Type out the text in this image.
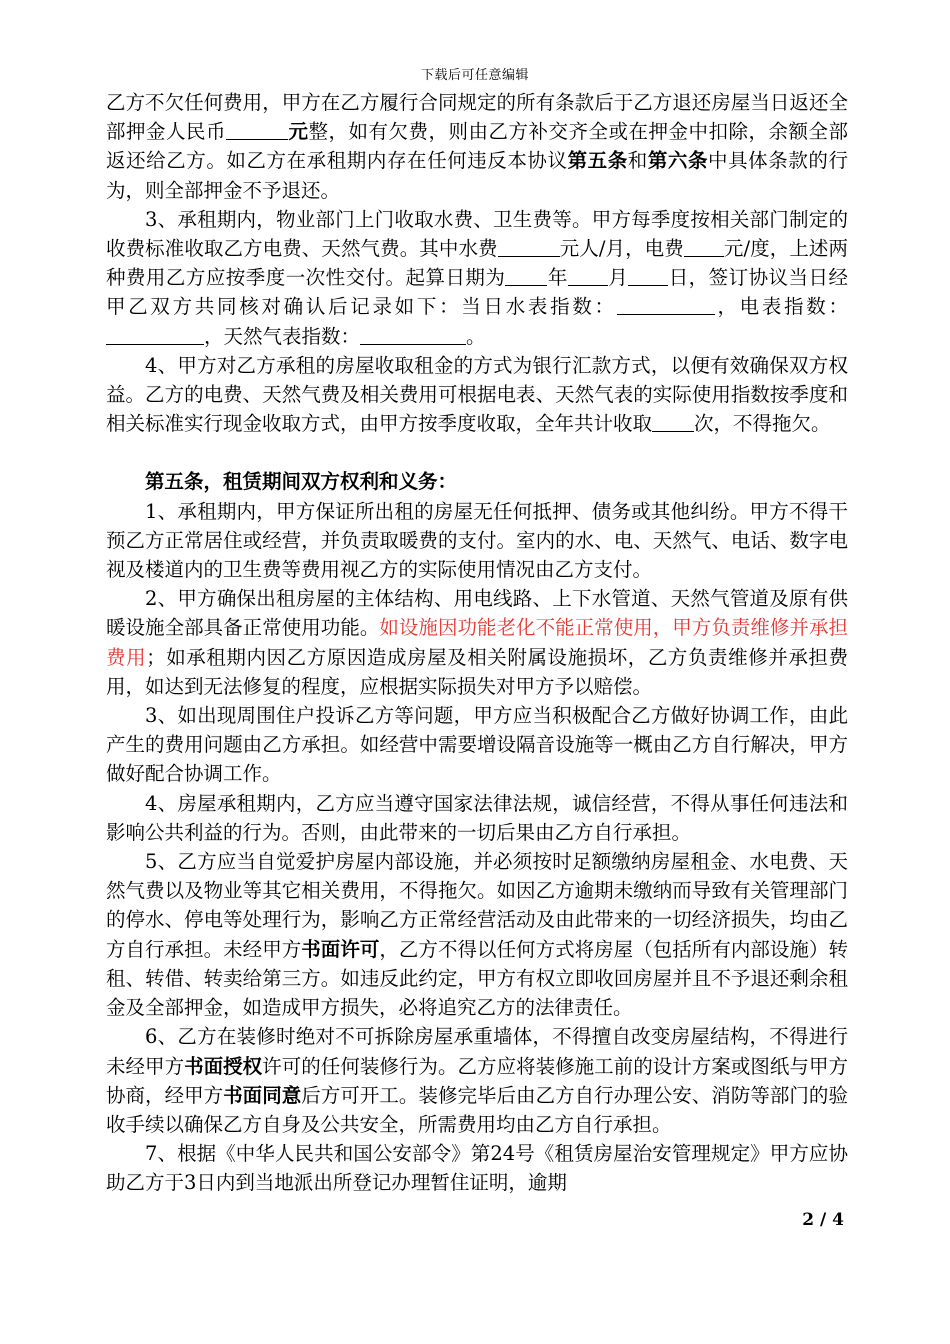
下载后可任意编辑

乙方不欠任何费用，甲方在乙方履行合同规定的所有条款后于乙方退还房屋当日返还全部押金人民币	元整，如有欠费，则由乙方补交齐全或在押金中扣除，余额全部返还给乙方。如乙方在承租期内存在任何违反本协议第五条和第六条中具体条款的行为，则全部押金不予退还。

3、承租期内，物业部门上门收取水费、卫生费等。甲方每季度按相关部门制定的收费标准收取乙方电费、天然气费。其中水费	元人/月，电费 元/度，上述两种费用乙方应按季度一次性交付。起算日期为 年 月 日，签订协议当日经甲乙双方共同核对确认后记录如下：当日水表指数：	，电表指数：，天然气表指数：	。

4、甲方对乙方承租的房屋收取租金的方式为银行汇款方式，以便有效确保双方权益。乙方的电费、天然气费及相关费用可根据电表、天然气表的实际使用指数按季度和相关标准实行现金收取方式，由甲方按季度收取，全年共计收取 次，不得拖欠。

第五条，租赁期间双方权利和义务：

1、承租期内，甲方保证所出租的房屋无任何抵押、债务或其他纠纷。甲方不得干预乙方正常居住或经营，并负责取暖费的支付。室内的水、电、天然气、电话、数字电视及楼道内的卫生费等费用视乙方的实际使用情况由乙方支付。

2、甲方确保出租房屋的主体结构、用电线路、上下水管道、天然气管道及原有供暖设施全部具备正常使用功能。如设施因功能老化不能正常使用，甲方负责维修并承担费用；如承租期内因乙方原因造成房屋及相关附属设施损坏，乙方负责维修并承担费用，如达到无法修复的程度，应根据实际损失对甲方予以赔偿。

3、如出现周围住户投诉乙方等问题，甲方应当积极配合乙方做好协调工作，由此产生的费用问题由乙方承担。如经营中需要增设隔音设施等一概由乙方自行解决，甲方做好配合协调工作。

4、房屋承租期内，乙方应当遵守国家法律法规，诚信经营，不得从事任何违法和影响公共利益的行为。否则，由此带来的一切后果由乙方自行承担。

5、乙方应当自觉爱护房屋内部设施，并必须按时足额缴纳房屋租金、水电费、天然气费以及物业等其它相关费用，不得拖欠。如因乙方逾期未缴纳而导致有关管理部门的停水、停电等处理行为，影响乙方正常经营活动及由此带来的一切经济损失，均由乙方自行承担。未经甲方书面许可，乙方不得以任何方式将房屋（包括所有内部设施）转租、转借、转卖给第三方。如违反此约定，甲方有权立即收回房屋并且不予退还剩余租金及全部押金，如造成甲方损失，必将追究乙方的法律责任。

6、乙方在装修时绝对不可拆除房屋承重墙体，不得擅自改变房屋结构，不得进行未经甲方书面授权许可的任何装修行为。乙方应将装修施工前的设计方案或图纸与甲方协商，经甲方书面同意后方可开工。装修完毕后由乙方自行办理公安、消防等部门的验收手续以确保乙方自身及公共安全，所需费用均由乙方自行承担。

7、根据《中华人民共和国公安部令》第24号《租赁房屋治安管理规定》甲方应协助乙方于3日内到当地派出所登记办理暂住证明，逾期

2 / 4
